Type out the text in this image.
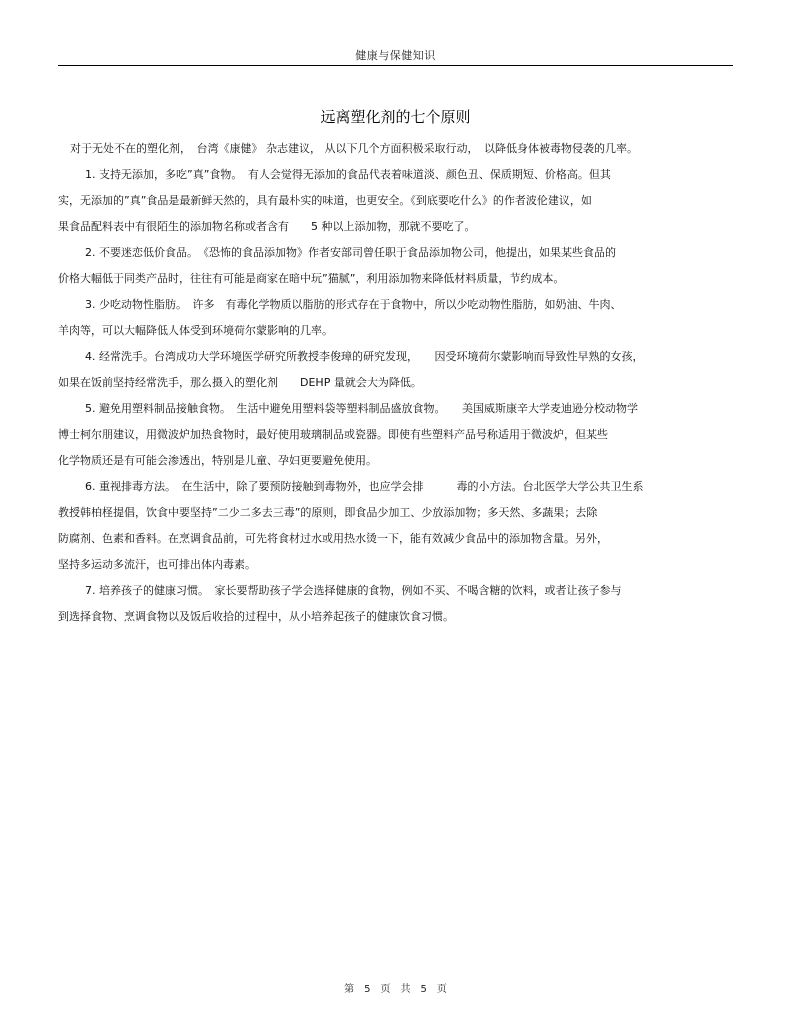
健康与保健知识
远离塑化剂的七个原则
对于无处不在的塑化剂，　台湾《康健》 杂志建议， 从以下几个方面积极采取行动，　以降低身体被毒物侵袭的几率。
1. 支持无添加，多吃”真”食物。　有人会觉得无添加的食品代表着味道淡、颜色丑、保质期短、价格高。但其
实，无添加的”真”食品是最新鲜天然的，具有最朴实的味道，也更安全。《到底要吃什么》的作者波伦建议，如
果食品配料表中有很陌生的添加物名称或者含有　　5 种以上添加物，那就不要吃了。
2. 不要迷恋低价食品。　《恐怖的食品添加物》作者安部司曾任职于食品添加物公司，他提出，如果某些食品的
价格大幅低于同类产品时，往往有可能是商家在暗中玩”猫腻”，利用添加物来降低材料质量，节约成本。
3. 少吃动物性脂肪。　许多　有毒化学物质以脂肪的形式存在于食物中，所以少吃动物性脂肪，如奶油、牛肉、
羊肉等，可以大幅降低人体受到环境荷尔蒙影响的几率。
4. 经常洗手。台湾成功大学环境医学研究所教授李俊璋的研究发现，　　因受环境荷尔蒙影响而导致性早熟的女孩，
如果在饭前坚持经常洗手，那么摄入的塑化剂　　DEHP 量就会大为降低。
5. 避免用塑料制品接触食物。　生活中避免用塑料袋等塑料制品盛放食物。　　美国威斯康辛大学麦迪逊分校动物学
博士柯尔朋建议，用微波炉加热食物时，最好使用玻璃制品或瓷器。即使有些塑料产品号称适用于微波炉，但某些
化学物质还是有可能会渗透出，特别是儿童、孕妇更要避免使用。
6. 重视排毒方法。　在生活中，除了要预防接触到毒物外，也应学会排　　　毒的小方法。台北医学大学公共卫生系
教授韩柏柽提倡，饮食中要坚持”二少二多去三毒”的原则，即食品少加工、少放添加物；多天然、多蔬果；去除
防腐剂、色素和香料。在烹调食品前，可先将食材过水或用热水烫一下，能有效减少食品中的添加物含量。另外，
坚持多运动多流汗，也可排出体内毒素。
7. 培养孩子的健康习惯。　家长要帮助孩子学会选择健康的食物，例如不买、不喝含糖的饮料，或者让孩子参与
到选择食物、烹调食物以及饭后收拾的过程中，从小培养起孩子的健康饮食习惯。
第　5　页　共　5　页
